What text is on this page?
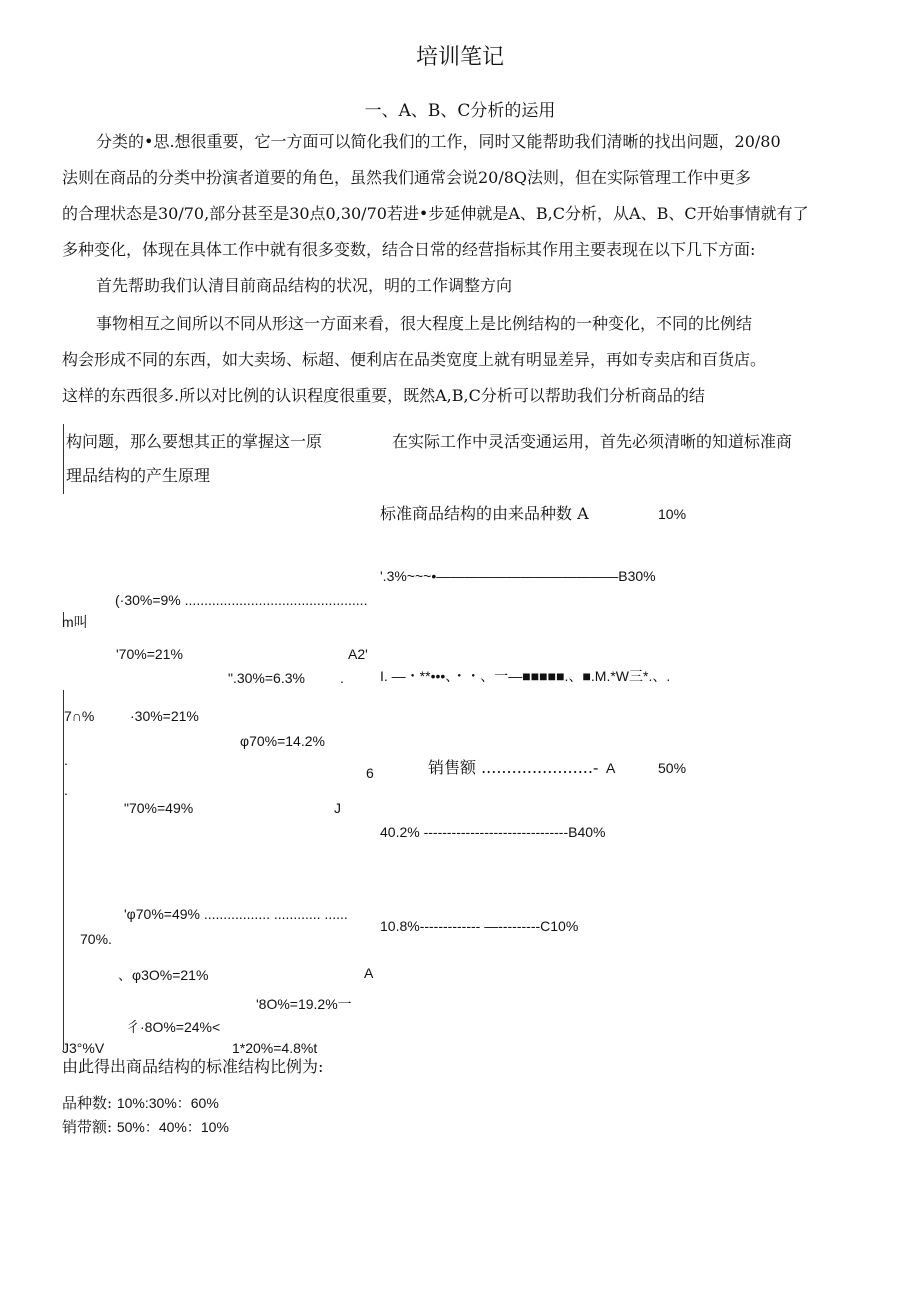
培训笔记
一、A、B、C分析的运用
分类的•思.想很重要，它一方面可以简化我们的工作，同时又能帮助我们清晰的找出问题，20/80
法则在商品的分类中扮演者道要的角色，虽然我们通常会说20/8Q法则，但在实际管理工作中更多
的合理状态是30/70,部分甚至是30点0,30/70若进•步延伸就是A、B,C分析，从A、B、C开始事情就有了
多种变化，体现在具体工作中就有很多变数，结合日常的经营指标其作用主要表现在以下几下方面:
首先帮助我们认清目前商品结构的状况，明的工作调整方向
事物相互之间所以不同从形这一方面来看，很大程度上是比例结构的一种变化，不同的比例结
构会形成不同的东西，如大卖场、标超、便利店在品类宽度上就有明显差异，再如专卖店和百货店。
这样的东西很多.所以对比例的认识程度很重要，既然A,B,C分析可以帮助我们分析商品的结
构问题，那么要想其正的掌握这一原
理品结构的产生原理
(·30%=9% ...............................................
m叫
'70%=21%	A2'
".30%=6.3%	.
7∩%	·30%=21%
φ70%=14.2%
.
6
.
"70%=49%	J
'φ70%=49% ................. ............ ......
70%.
、φ3O%=21%	A
'8O%=19.2%一
彳·8O%=24%<
J3°%V	1*20%=4.8%t
在实际工作中灵活变通运用，首先必须清晰的知道标准商
标准商品结构的由来品种数 A	10%
'.3%~~~•—————————————B30%
I. —・**•••、・・、一—■■■■■.、■.M.*W三*.、.
销售额 ......................- A	50%
40.2% -------------------------------B40%
10.8%------------- —---------C10%
由此得出商品结构的标准结构比例为:
品种数: 10%:30%：60%
销带额: 50%：40%：10%
